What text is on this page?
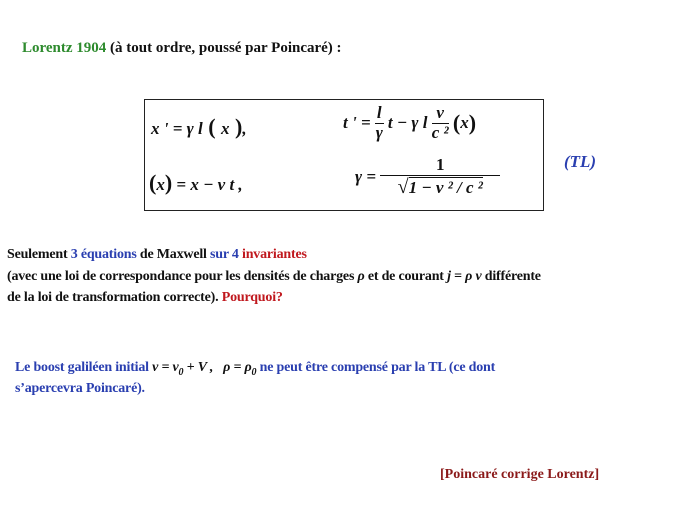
Lorentz 1904 (à tout ordre, poussé par Poincaré) :
x ' = γ l ( x ),	t ' = $\frac{l}{\gamma}$ t − γ l $\frac{v}{\text{c ²}} (x)$
(x) = x − v t ,	$\gamma = \frac{1}{\text{√1 − v ² / c ²}}$	(TL)
Seulement 3 équations de Maxwell sur 4 invariantes
(avec une loi de correspondance pour les densités de charges ρ et de courant j = ρ v différente
de la loi de transformation correcte). Pourquoi?
Le boost galiléen initial $v = v_0 + V$ , $\rho = \rho_0$ ne peut être compensé par la TL (ce dont
s’apercevra Poincaré).
[Poincaré corrige Lorentz]
